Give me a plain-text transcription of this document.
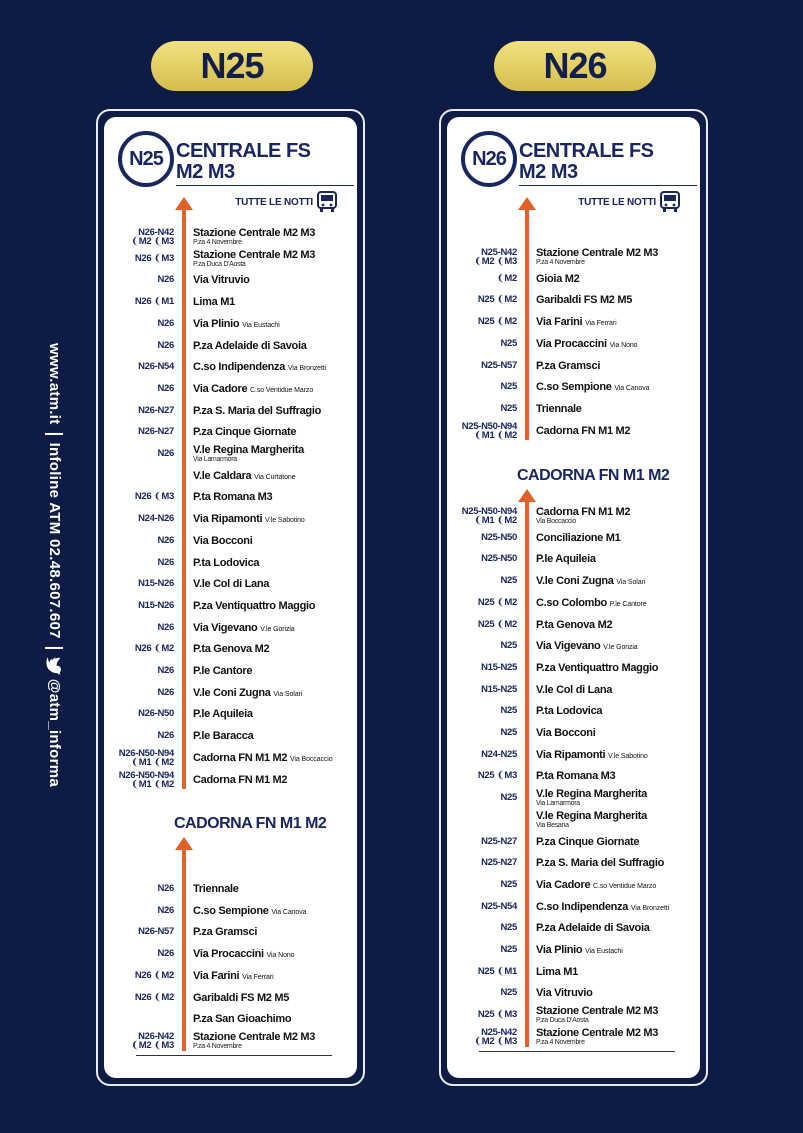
www.atm.itInfoline ATM 02.48.607.607@atm_informa
N25	N26
N25 CENTRALE FS
M2 M3
TUTTE LE NOTTI
N26-N42
❨M2 ❨M3
Stazione Centrale M2 M3
P.za 4 Novembre
N26 ❨M3 Stazione Centrale M2 M3
P.za Duca D'Aosta
N26 Via Vitruvio
N26 ❨M1 Lima M1
N26 Via Plinio Via Eustachi
N26 P.za Adelaide di Savoia
N26-N54 C.so Indipendenza Via Bronzetti
N26 Via Cadore C.so Ventidue Marzo
N26-N27 P.za S. Maria del Suffragio
N26-N27 P.za Cinque Giornate
N26 V.le Regina Margherita
Via Lamarmora
V.le Caldara Via Curtatone
N26 ❨M3 P.ta Romana M3
N24-N26 Via Ripamonti V.le Sabotino
N26 Via Bocconi
N26 P.ta Lodovica
N15-N26 V.le Col di Lana
N15-N26 P.za Ventiquattro Maggio
N26 Via Vigevano V.le Gorizia
N26 ❨M2 P.ta Genova M2
N26 P.le Cantore
N26 V.le Coni Zugna Via Solari
N26-N50 P.le Aquileia
N26 P.le Baracca
N26-N50-N94
❨M1 ❨M2 Cadorna FN M1 M2 Via Boccaccio
N26-N50-N94
❨M1 ❨M2 Cadorna FN M1 M2
CADORNA FN M1 M2
N26 Triennale
N26 C.so Sempione Via Canova
N26-N57 P.za Gramsci
N26 Via Procaccini Via Nono
N26 ❨M2 Via Farini Via Ferrari
N26 ❨M2 Garibaldi FS M2 M5
P.za San Gioachimo
N26-N42
❨M2 ❨M3
Stazione Centrale M2 M3
P.za 4 Novembre
N26 CENTRALE FS
M2 M3
TUTTE LE NOTTI
N25-N42
❨M2 ❨M3
Stazione Centrale M2 M3
P.za 4 Novembre
❨M2 Gioia M2
N25 ❨M2 Garibaldi FS M2 M5
N25 ❨M2 Via Farini Via Ferrari
N25 Via Procaccini Via Nono
N25-N57 P.za Gramsci
N25 C.so Sempione Via Canova
N25 Triennale
N25-N50-N94
❨M1 ❨M2 Cadorna FN M1 M2
CADORNA FN M1 M2
N25-N50-N94
❨M1 ❨M2
Cadorna FN M1 M2
Via Boccaccio
N25-N50 Conciliazione M1
N25-N50 P.le Aquileia
N25 V.le Coni Zugna Via Solari
N25 ❨M2 C.so Colombo P.le Cantore
N25 ❨M2 P.ta Genova M2
N25 Via Vigevano V.le Gorizia
N15-N25 P.za Ventiquattro Maggio
N15-N25 V.le Col di Lana
N25 P.ta Lodovica
N25 Via Bocconi
N24-N25 Via Ripamonti V.le Sabotino
N25 ❨M3 P.ta Romana M3
N25 V.le Regina Margherita
Via Lamarmora
V.le Regina Margherita
Via Besana
N25-N27 P.za Cinque Giornate
N25-N27 P.za S. Maria del Suffragio
N25 Via Cadore C.so Ventidue Marzo
N25-N54 C.so Indipendenza Via Bronzetti
N25 P.za Adelaide di Savoia
N25 Via Plinio Via Eustachi
N25 ❨M1 Lima M1
N25 Via Vitruvio
N25 ❨M3 Stazione Centrale M2 M3
P.za Duca D'Aosta
N25-N42
❨M2 ❨M3
Stazione Centrale M2 M3
P.za 4 Novembre
